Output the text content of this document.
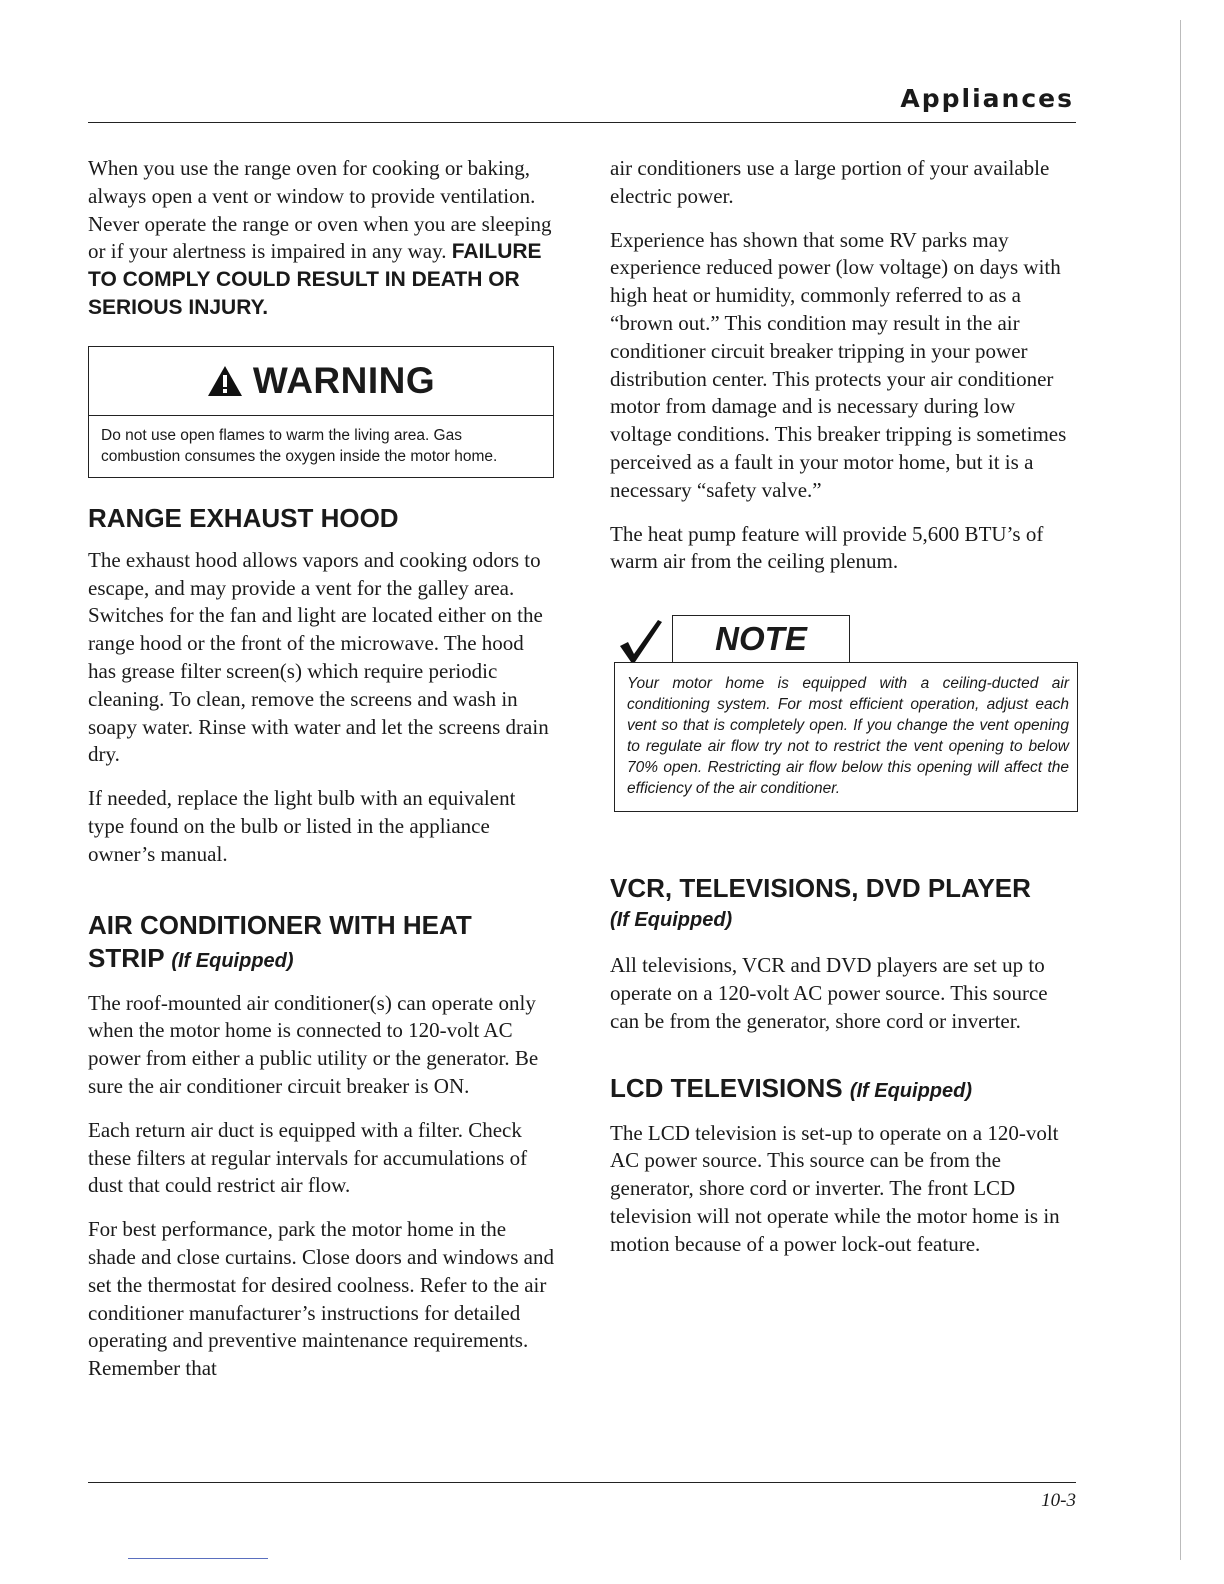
Appliances

When you use the range oven for cooking or baking, always open a vent or window to provide ventilation. Never operate the range or oven when you are sleeping or if your alertness is impaired in any way. FAILURE TO COMPLY COULD RESULT IN DEATH OR SERIOUS INJURY.

WARNING
Do not use open flames to warm the living area. Gas combustion consumes the oxygen inside the motor home.
RANGE EXHAUST HOOD

The exhaust hood allows vapors and cooking odors to escape, and may provide a vent for the galley area. Switches for the fan and light are located either on the range hood or the front of the microwave. The hood has grease filter screen(s) which require periodic cleaning. To clean, remove the screens and wash in soapy water. Rinse with water and let the screens drain dry.

If needed, replace the light bulb with an equivalent type found on the bulb or listed in the appliance owner’s manual.

AIR CONDITIONER WITH HEAT STRIP (If Equipped)

The roof-mounted air conditioner(s) can operate only when the motor home is connected to 120-volt AC power from either a public utility or the generator. Be sure the air conditioner circuit breaker is ON.

Each return air duct is equipped with a filter. Check these filters at regular intervals for accumulations of dust that could restrict air flow.

For best performance, park the motor home in the shade and close curtains. Close doors and windows and set the thermostat for desired coolness. Refer to the air conditioner manufacturer’s instructions for detailed operating and preventive maintenance requirements. Remember that

air conditioners use a large portion of your available electric power.

Experience has shown that some RV parks may experience reduced power (low voltage) on days with high heat or humidity, commonly referred to as a “brown out.” This condition may result in the air conditioner circuit breaker tripping in your power distribution center. This protects your air conditioner motor from damage and is necessary during low voltage conditions. This breaker tripping is sometimes perceived as a fault in your motor home, but it is a necessary “safety valve.”

The heat pump feature will provide 5,600 BTU’s of warm air from the ceiling plenum.

NOTE

Your motor home is equipped with a ceiling-ducted air conditioning system. For most efficient operation, adjust each vent so that is completely open. If you change the vent opening to regulate air flow try not to restrict the vent opening to below 70% open. Restricting air flow below this opening will affect the efficiency of the air conditioner.

VCR, TELEVISIONS, DVD PLAYER
(If Equipped)

All televisions, VCR and DVD players are set up to operate on a 120-volt AC power source. This source can be from the generator, shore cord or inverter.

LCD TELEVISIONS (If Equipped)

The LCD television is set-up to operate on a 120-volt AC power source. This source can be from the generator, shore cord or inverter. The front LCD television will not operate while the motor home is in motion because of a power lock-out feature.

10-3
